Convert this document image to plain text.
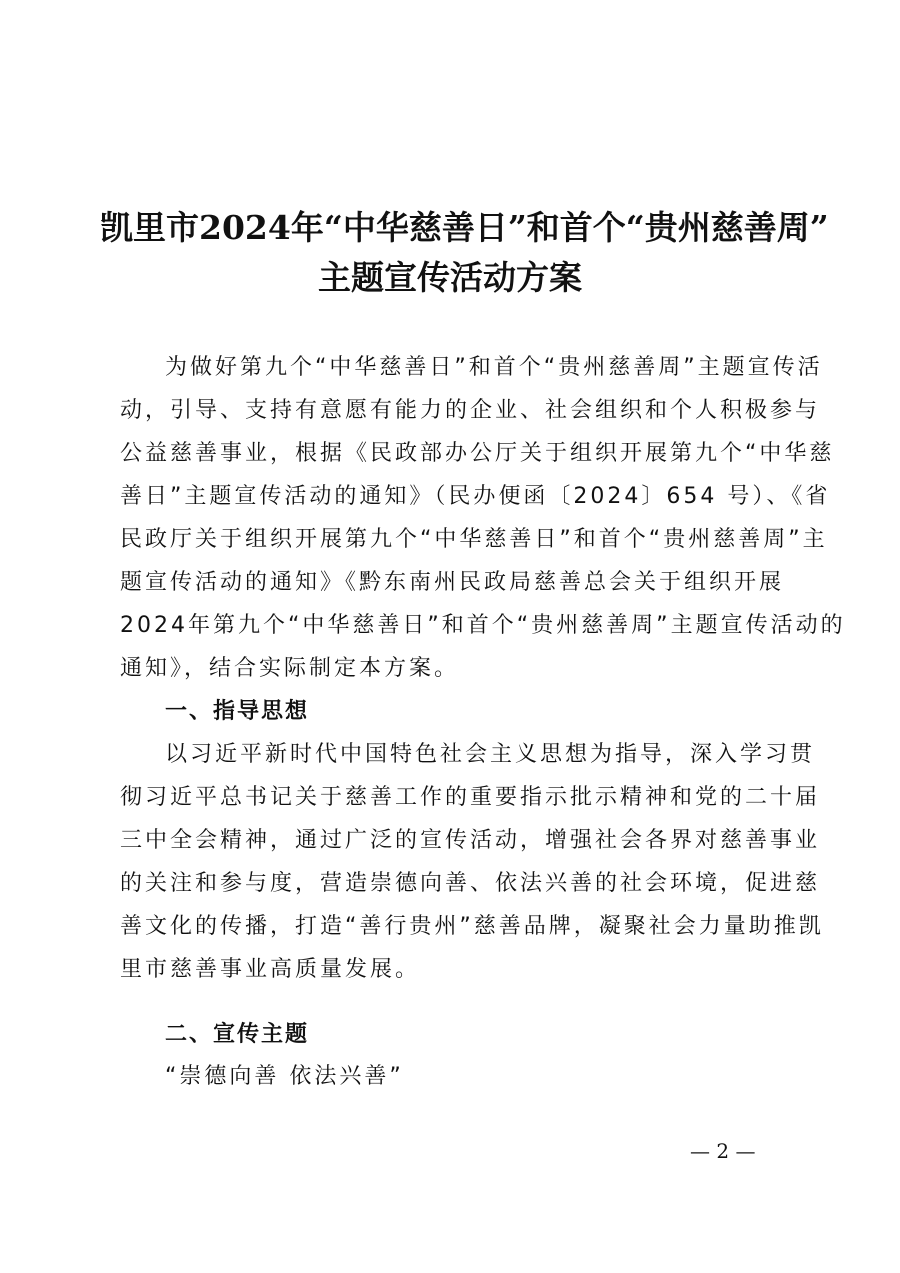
凯里市2024年“中华慈善日”和首个“贵州慈善周”
主题宣传活动方案
为做好第九个“中华慈善日”和首个“贵州慈善周”主题宣传活
动，引导、支持有意愿有能力的企业、社会组织和个人积极参与
公益慈善事业，根据《民政部办公厅关于组织开展第九个“中华慈
善日”主题宣传活动的通知》（民办便函〔2024〕654 号）、《省
民政厅关于组织开展第九个“中华慈善日”和首个“贵州慈善周”主
题宣传活动的通知》《黔东南州民政局慈善总会关于组织开展
2024年第九个“中华慈善日”和首个“贵州慈善周”主题宣传活动的
通知》，结合实际制定本方案。
一、指导思想
以习近平新时代中国特色社会主义思想为指导，深入学习贯
彻习近平总书记关于慈善工作的重要指示批示精神和党的二十届
三中全会精神，通过广泛的宣传活动，增强社会各界对慈善事业
的关注和参与度，营造崇德向善、依法兴善的社会环境，促进慈
善文化的传播，打造“善行贵州”慈善品牌，凝聚社会力量助推凯
里市慈善事业高质量发展。
二、宣传主题
“崇德向善 依法兴善”
— 2 —
